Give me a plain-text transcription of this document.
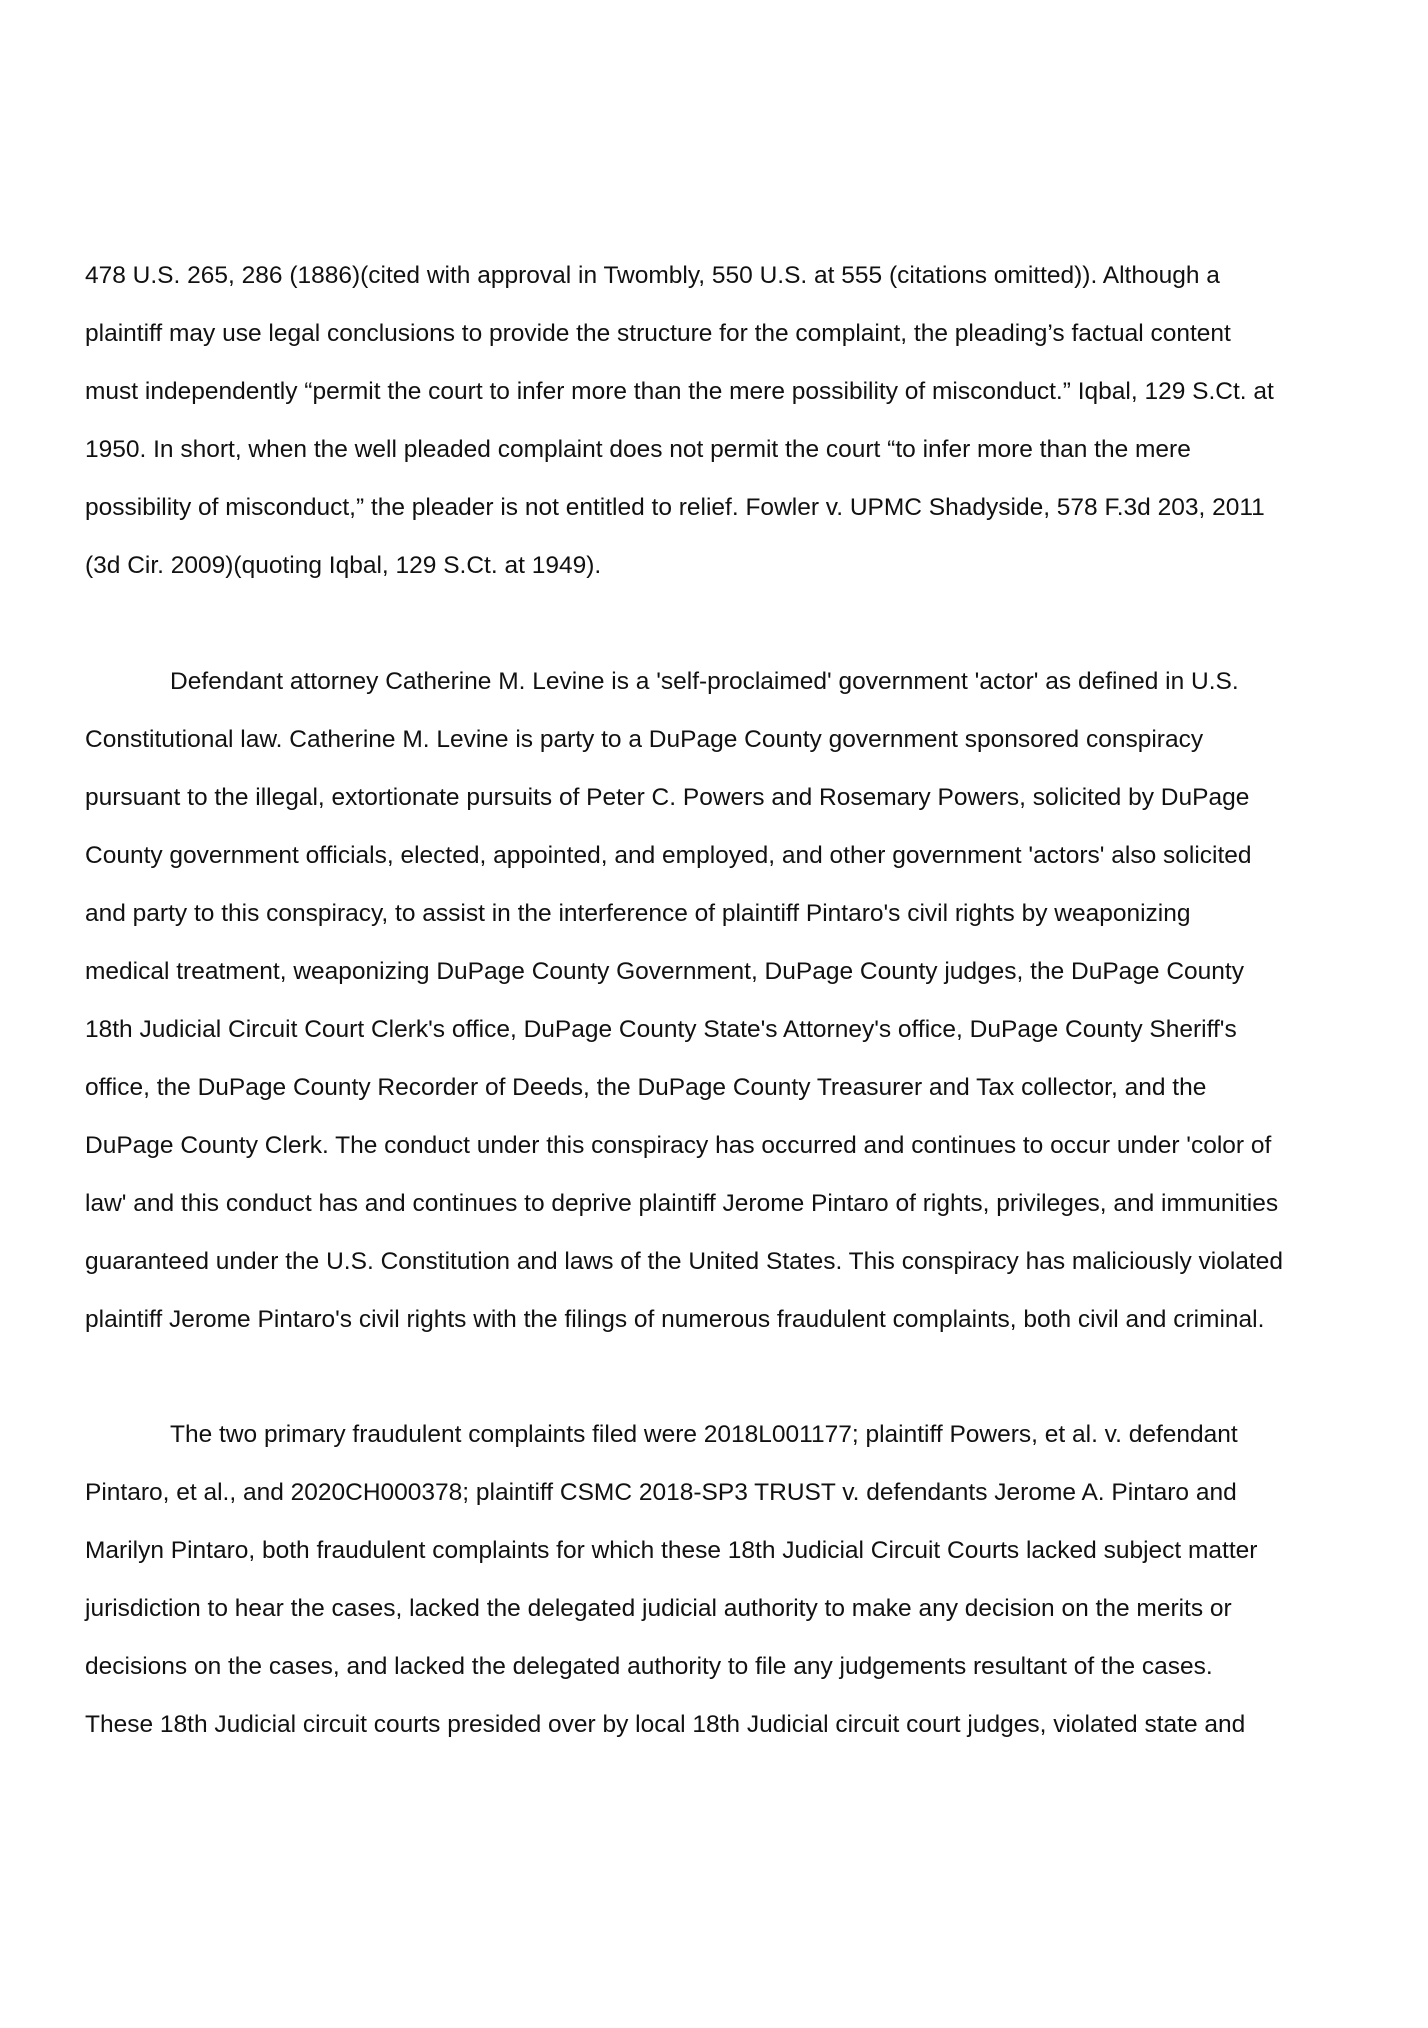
478 U.S. 265, 286 (1886)(cited with approval in Twombly, 550 U.S. at 555 (citations omitted)). Although a
plaintiff may use legal conclusions to provide the structure for the complaint, the pleading’s factual content
must independently “permit the court to infer more than the mere possibility of misconduct.” Iqbal, 129 S.Ct. at
1950. In short, when the well pleaded complaint does not permit the court “to infer more than the mere
possibility of misconduct,” the pleader is not entitled to relief. Fowler v. UPMC Shadyside, 578 F.3d 203, 2011
(3d Cir. 2009)(quoting Iqbal, 129 S.Ct. at 1949).
Defendant attorney Catherine M. Levine is a 'self-proclaimed' government 'actor' as defined in U.S.
Constitutional law. Catherine M. Levine is party to a DuPage County government sponsored conspiracy
pursuant to the illegal, extortionate pursuits of Peter C. Powers and Rosemary Powers, solicited by DuPage
County government officials, elected, appointed, and employed, and other government 'actors' also solicited
and party to this conspiracy, to assist in the interference of plaintiff Pintaro's civil rights by weaponizing
medical treatment, weaponizing DuPage County Government, DuPage County judges, the DuPage County
18th Judicial Circuit Court Clerk's office, DuPage County State's Attorney's office, DuPage County Sheriff's
office, the DuPage County Recorder of Deeds, the DuPage County Treasurer and Tax collector, and the
DuPage County Clerk. The conduct under this conspiracy has occurred and continues to occur under 'color of
law' and this conduct has and continues to deprive plaintiff Jerome Pintaro of rights, privileges, and immunities
guaranteed under the U.S. Constitution and laws of the United States. This conspiracy has maliciously violated
plaintiff Jerome Pintaro's civil rights with the filings of numerous fraudulent complaints, both civil and criminal.
The two primary fraudulent complaints filed were 2018L001177; plaintiff Powers, et al. v. defendant
Pintaro, et al., and 2020CH000378; plaintiff CSMC 2018-SP3 TRUST v. defendants Jerome A. Pintaro and
Marilyn Pintaro, both fraudulent complaints for which these 18th Judicial Circuit Courts lacked subject matter
jurisdiction to hear the cases, lacked the delegated judicial authority to make any decision on the merits or
decisions on the cases, and lacked the delegated authority to file any judgements resultant of the cases.
These 18th Judicial circuit courts presided over by local 18th Judicial circuit court judges, violated state and
